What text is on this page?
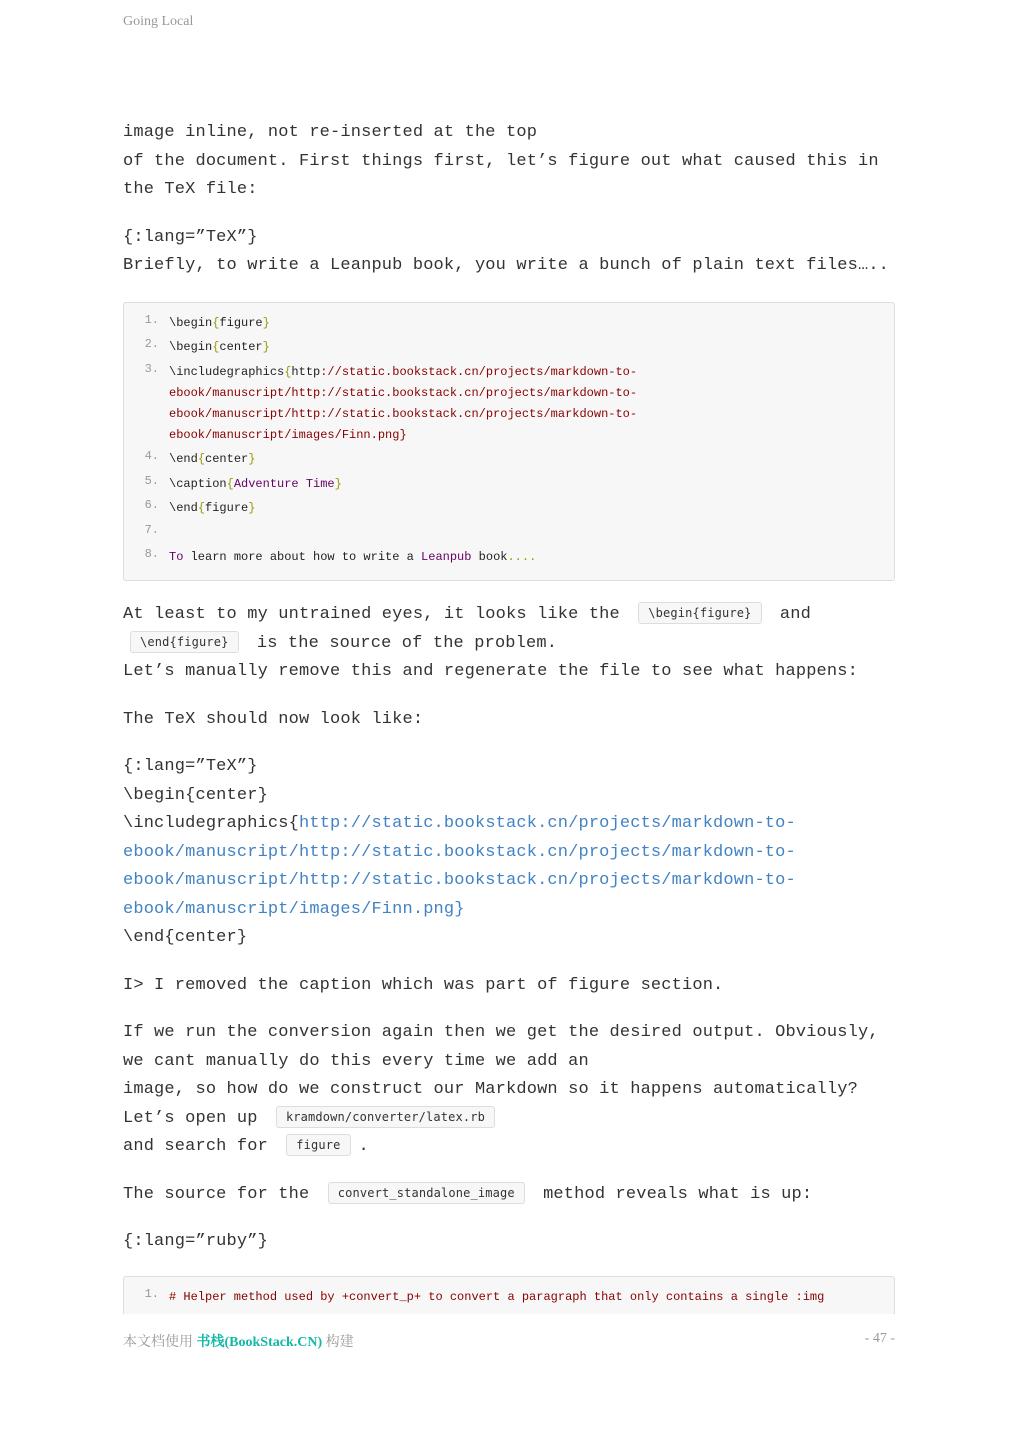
Going Local
image inline, not re-inserted at the top
of the document. First things first, let’s figure out what caused this in
the TeX file:
{:lang=”TeX”}
Briefly, to write a Leanpub book, you write a bunch of plain text files…..
1. \begin{figure}
2. \begin{center}
3. \includegraphics{http://static.bookstack.cn/projects/markdown-to-
ebook/manuscript/http://static.bookstack.cn/projects/markdown-to-
ebook/manuscript/http://static.bookstack.cn/projects/markdown-to-
ebook/manuscript/images/Finn.png}
4. \end{center}
5. \caption{Adventure Time}
6. \end{figure}
7.

8. To learn more about how to write a Leanpub book....
At least to my untrained eyes, it looks like the \begin{figure} and
\end{figure} is the source of the problem.
Let’s manually remove this and regenerate the file to see what happens:
The TeX should now look like:
{:lang=”TeX”}
\begin{center}
\includegraphics{http://static.bookstack.cn/projects/markdown-to-
ebook/manuscript/http://static.bookstack.cn/projects/markdown-to-
ebook/manuscript/http://static.bookstack.cn/projects/markdown-to-
ebook/manuscript/images/Finn.png}
\end{center}
I> I removed the caption which was part of figure section.
If we run the conversion again then we get the desired output. Obviously,
we cant manually do this every time we add an
image, so how do we construct our Markdown so it happens automatically?
Let’s open up kramdown/converter/latex.rb
and search for figure .
The source for the convert_standalone_image method reveals what is up:
{:lang=”ruby”}
1. # Helper method used by +convert_p+ to convert a paragraph that only contains a single :img
本文档使用 书栈(BookStack.CN) 构建	- 47 -
